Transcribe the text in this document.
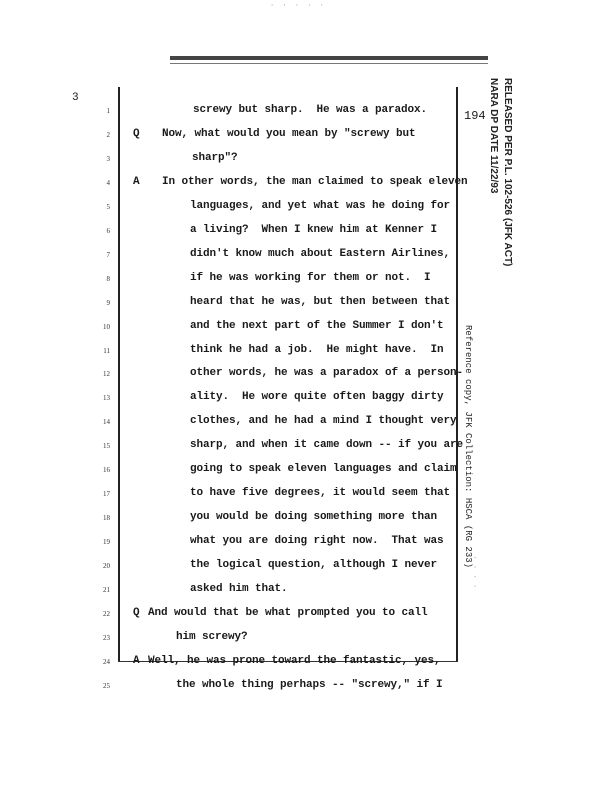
· · · · ·
3
194
1	screwy but sharp.  He was a paradox.
2 Q Now, what would you mean by "screwy but
3	sharp"?
4 A In other words, the man claimed to speak eleven
5	languages, and yet what was he doing for
6	a living?  When I knew him at Kenner I
7	didn't know much about Eastern Airlines,
8	if he was working for them or not.  I
9	heard that he was, but then between that
10	and the next part of the Summer I don't
11	think he had a job.  He might have.  In
12	other words, he was a paradox of a person-
13	ality.  He wore quite often baggy dirty
14	clothes, and he had a mind I thought very
15	sharp, and when it came down -- if you are
16	going to speak eleven languages and claim
17	to have five degrees, it would seem that
18	you would be doing something more than
19	what you are doing right now.  That was
20	the logical question, although I never
21	asked him that.
22 Q And would that be what prompted you to call
23	him screwy?
24 A Well, he was prone toward the fantastic, yes,
25	the whole thing perhaps -- "screwy," if I
RELEASED PER P.L. 102-526 (JFK ACT)
NARA DP DATE 11/22/93
Reference copy, JFK Collection: HSCA (RG 233)
· · · ·
